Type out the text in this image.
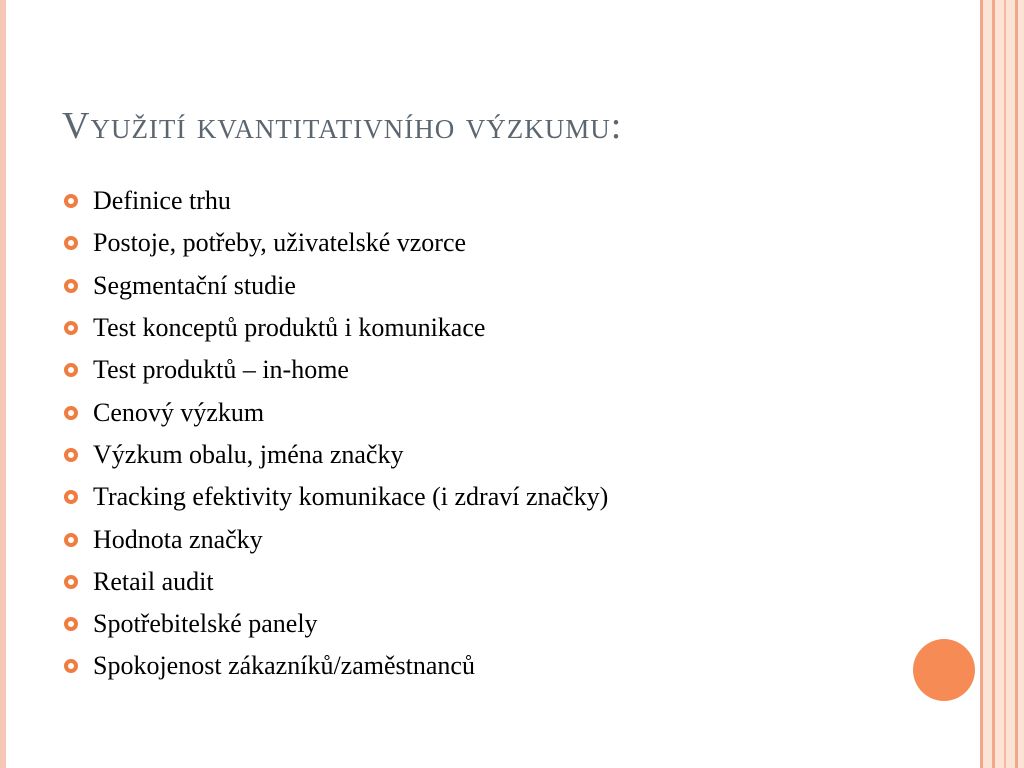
Využití kvantitativního výzkumu:
Definice trhu
Postoje, potřeby, uživatelské vzorce
Segmentační studie
Test konceptů produktů i komunikace
Test produktů – in-home
Cenový výzkum
Výzkum obalu, jména značky
Tracking efektivity komunikace (i zdraví značky)
Hodnota značky
Retail audit
Spotřebitelské panely
Spokojenost zákazníků/zaměstnanců
